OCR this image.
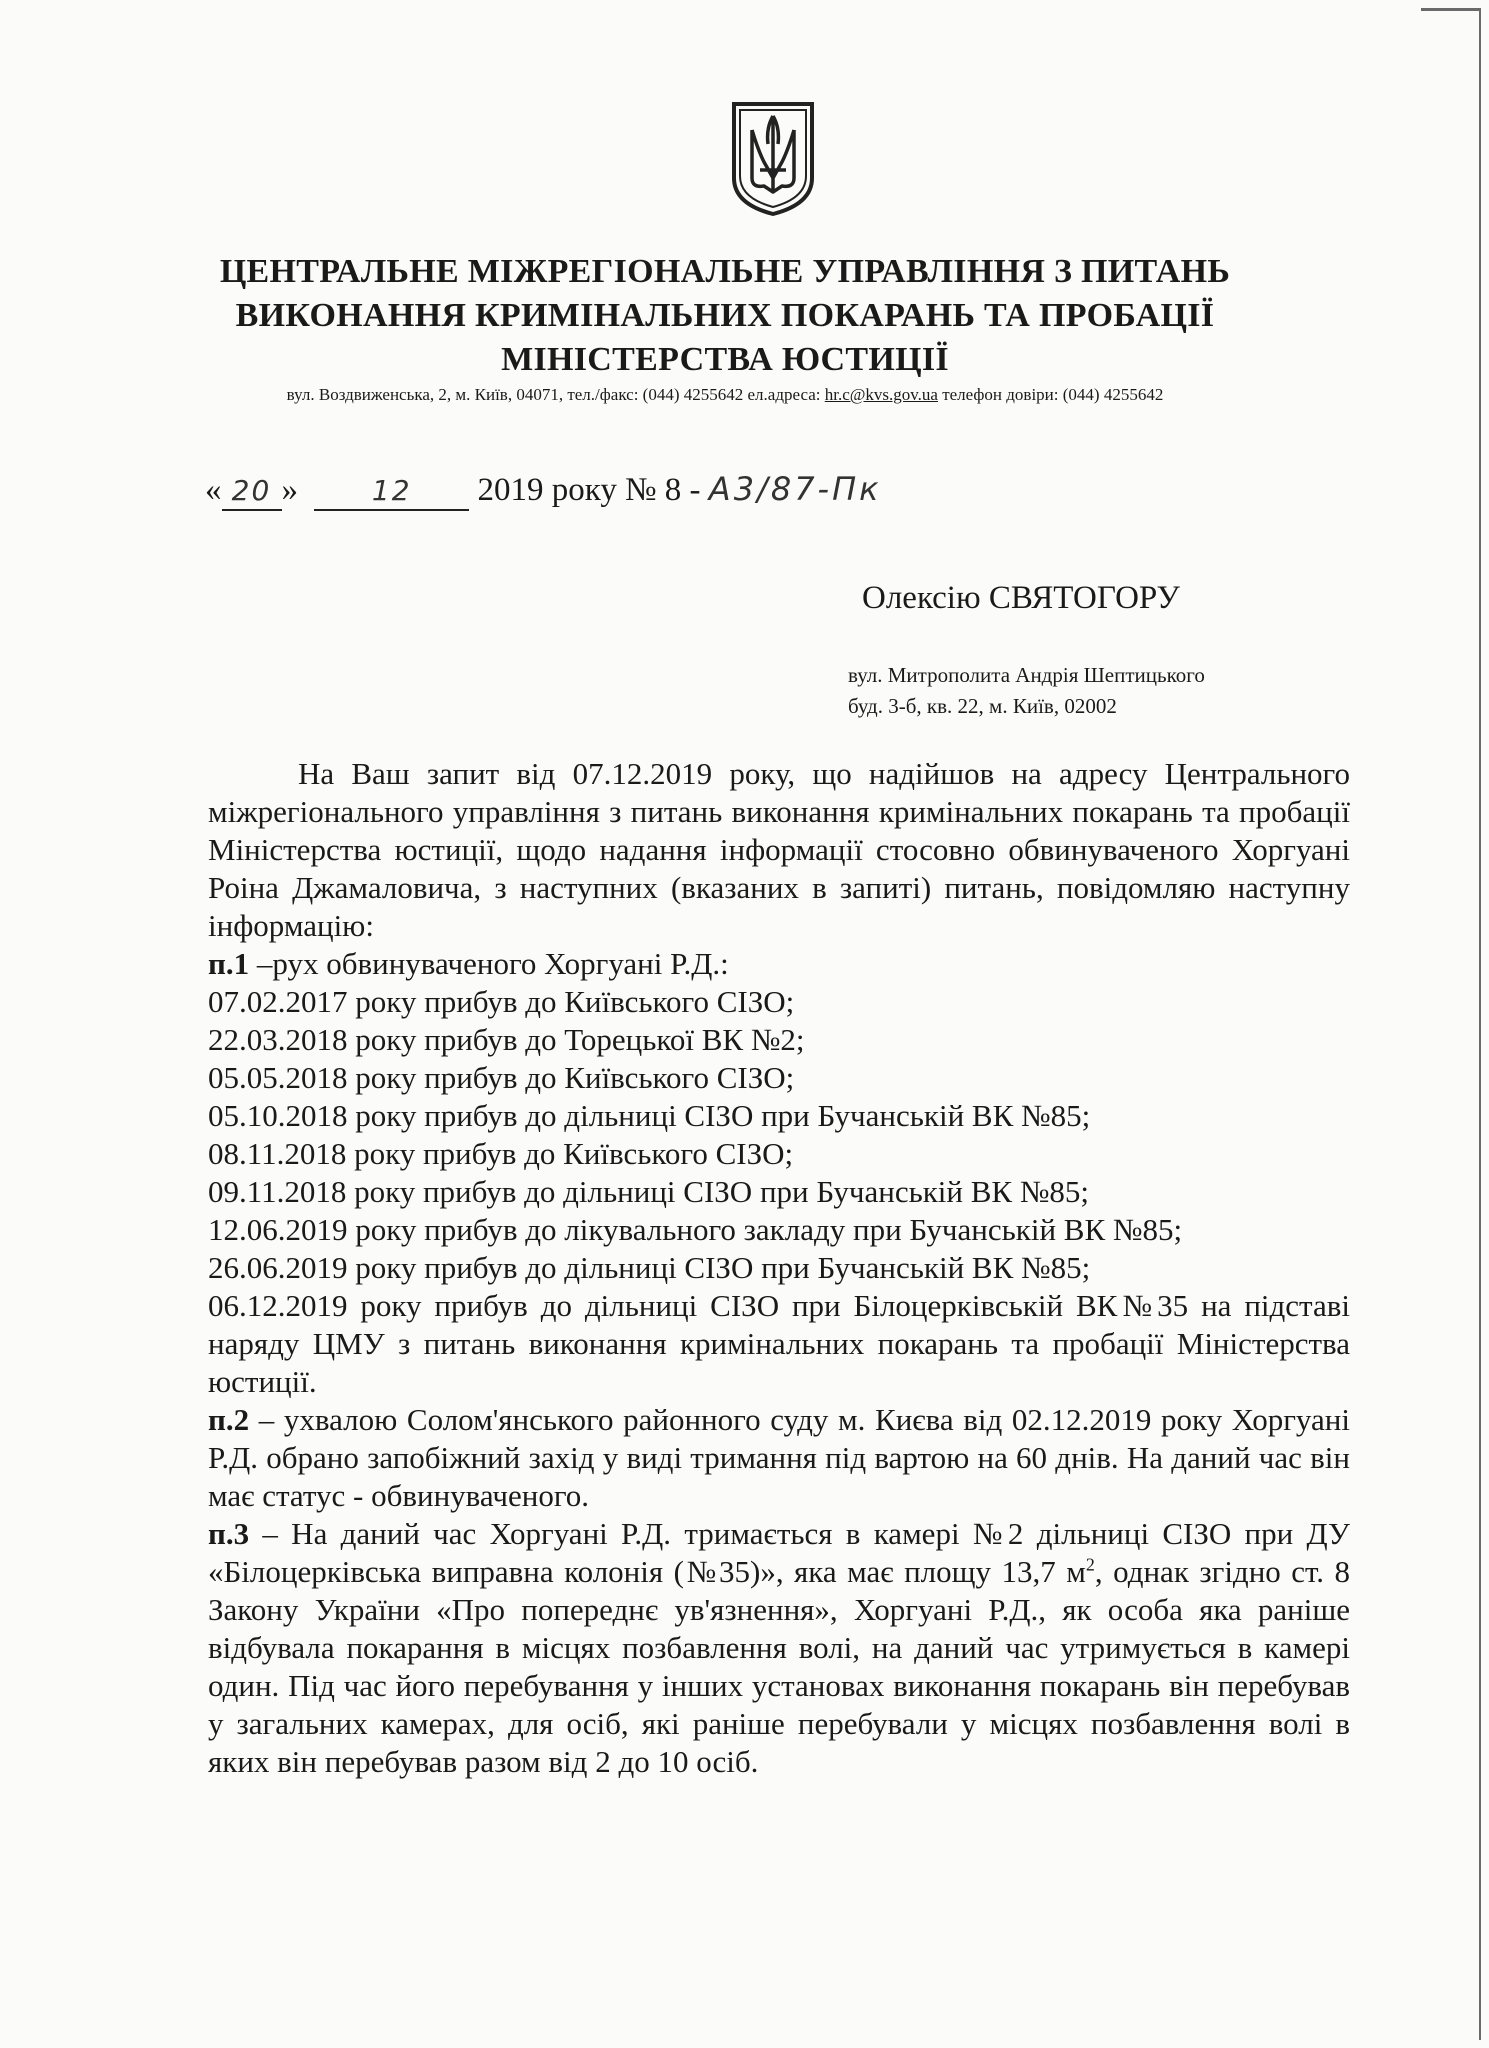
ЦЕНТРАЛЬНЕ МІЖРЕГІОНАЛЬНЕ УПРАВЛІННЯ З ПИТАНЬ
ВИКОНАННЯ КРИМІНАЛЬНИХ ПОКАРАНЬ ТА ПРОБАЦІЇ
МІНІСТЕРСТВА ЮСТИЦІЇ
вул. Воздвиженська, 2, м. Київ, 04071, тел./факс: (044) 4255642 ел.адреса: hr.c@kvs.gov.ua телефон довіри: (044) 4255642
« 20 »	12 2019 року № 8 - А3/87-Пк
Олексію СВЯТОГОРУ
вул. Митрополита Андрія Шептицького
буд. 3-б, кв. 22, м. Київ, 02002

На Ваш запит від 07.12.2019 року, що надійшов на адресу Центрального міжрегіонального управління з питань виконання кримінальних покарань та пробації Міністерства юстиції, щодо надання інформації стосовно обвинуваченого Хоргуані Роіна Джамаловича, з наступних (вказаних в запиті) питань, повідомляю наступну інформацію:

п.1 –рух обвинуваченого Хоргуані Р.Д.:

07.02.2017 року прибув до Київського СІЗО;
22.03.2018 року прибув до Торецької ВК №2;
05.05.2018 року прибув до Київського СІЗО;
05.10.2018 року прибув до дільниці СІЗО при Бучанській ВК №85;
08.11.2018 року прибув до Київського СІЗО;
09.11.2018 року прибув до дільниці СІЗО при Бучанській ВК №85;
12.06.2019 року прибув до лікувального закладу при Бучанській ВК №85;
26.06.2019 року прибув до дільниці СІЗО при Бучанській ВК №85;

06.12.2019 року прибув до дільниці СІЗО при Білоцерківській ВК№35 на підставі наряду ЦМУ з питань виконання кримінальних покарань та пробації Міністерства юстиції.

п.2 – ухвалою Солом'янського районного суду м. Києва від 02.12.2019 року Хоргуані Р.Д. обрано запобіжний захід у виді тримання під вартою на 60 днів. На даний час він має статус - обвинуваченого.

п.3 – На даний час Хоргуані Р.Д. тримається в камері №2 дільниці СІЗО при ДУ «Білоцерківська виправна колонія (№35)», яка має площу 13,7 $м^2$, однак згідно ст. 8 Закону України «Про попереднє ув'язнення», Хоргуані Р.Д., як особа яка раніше відбувала покарання в місцях позбавлення волі, на даний час утримується в камері один. Під час його перебування у інших установах виконання покарань він перебував у загальних камерах, для осіб, які раніше перебували у місцях позбавлення волі в яких він перебував разом від 2 до 10 осіб.
